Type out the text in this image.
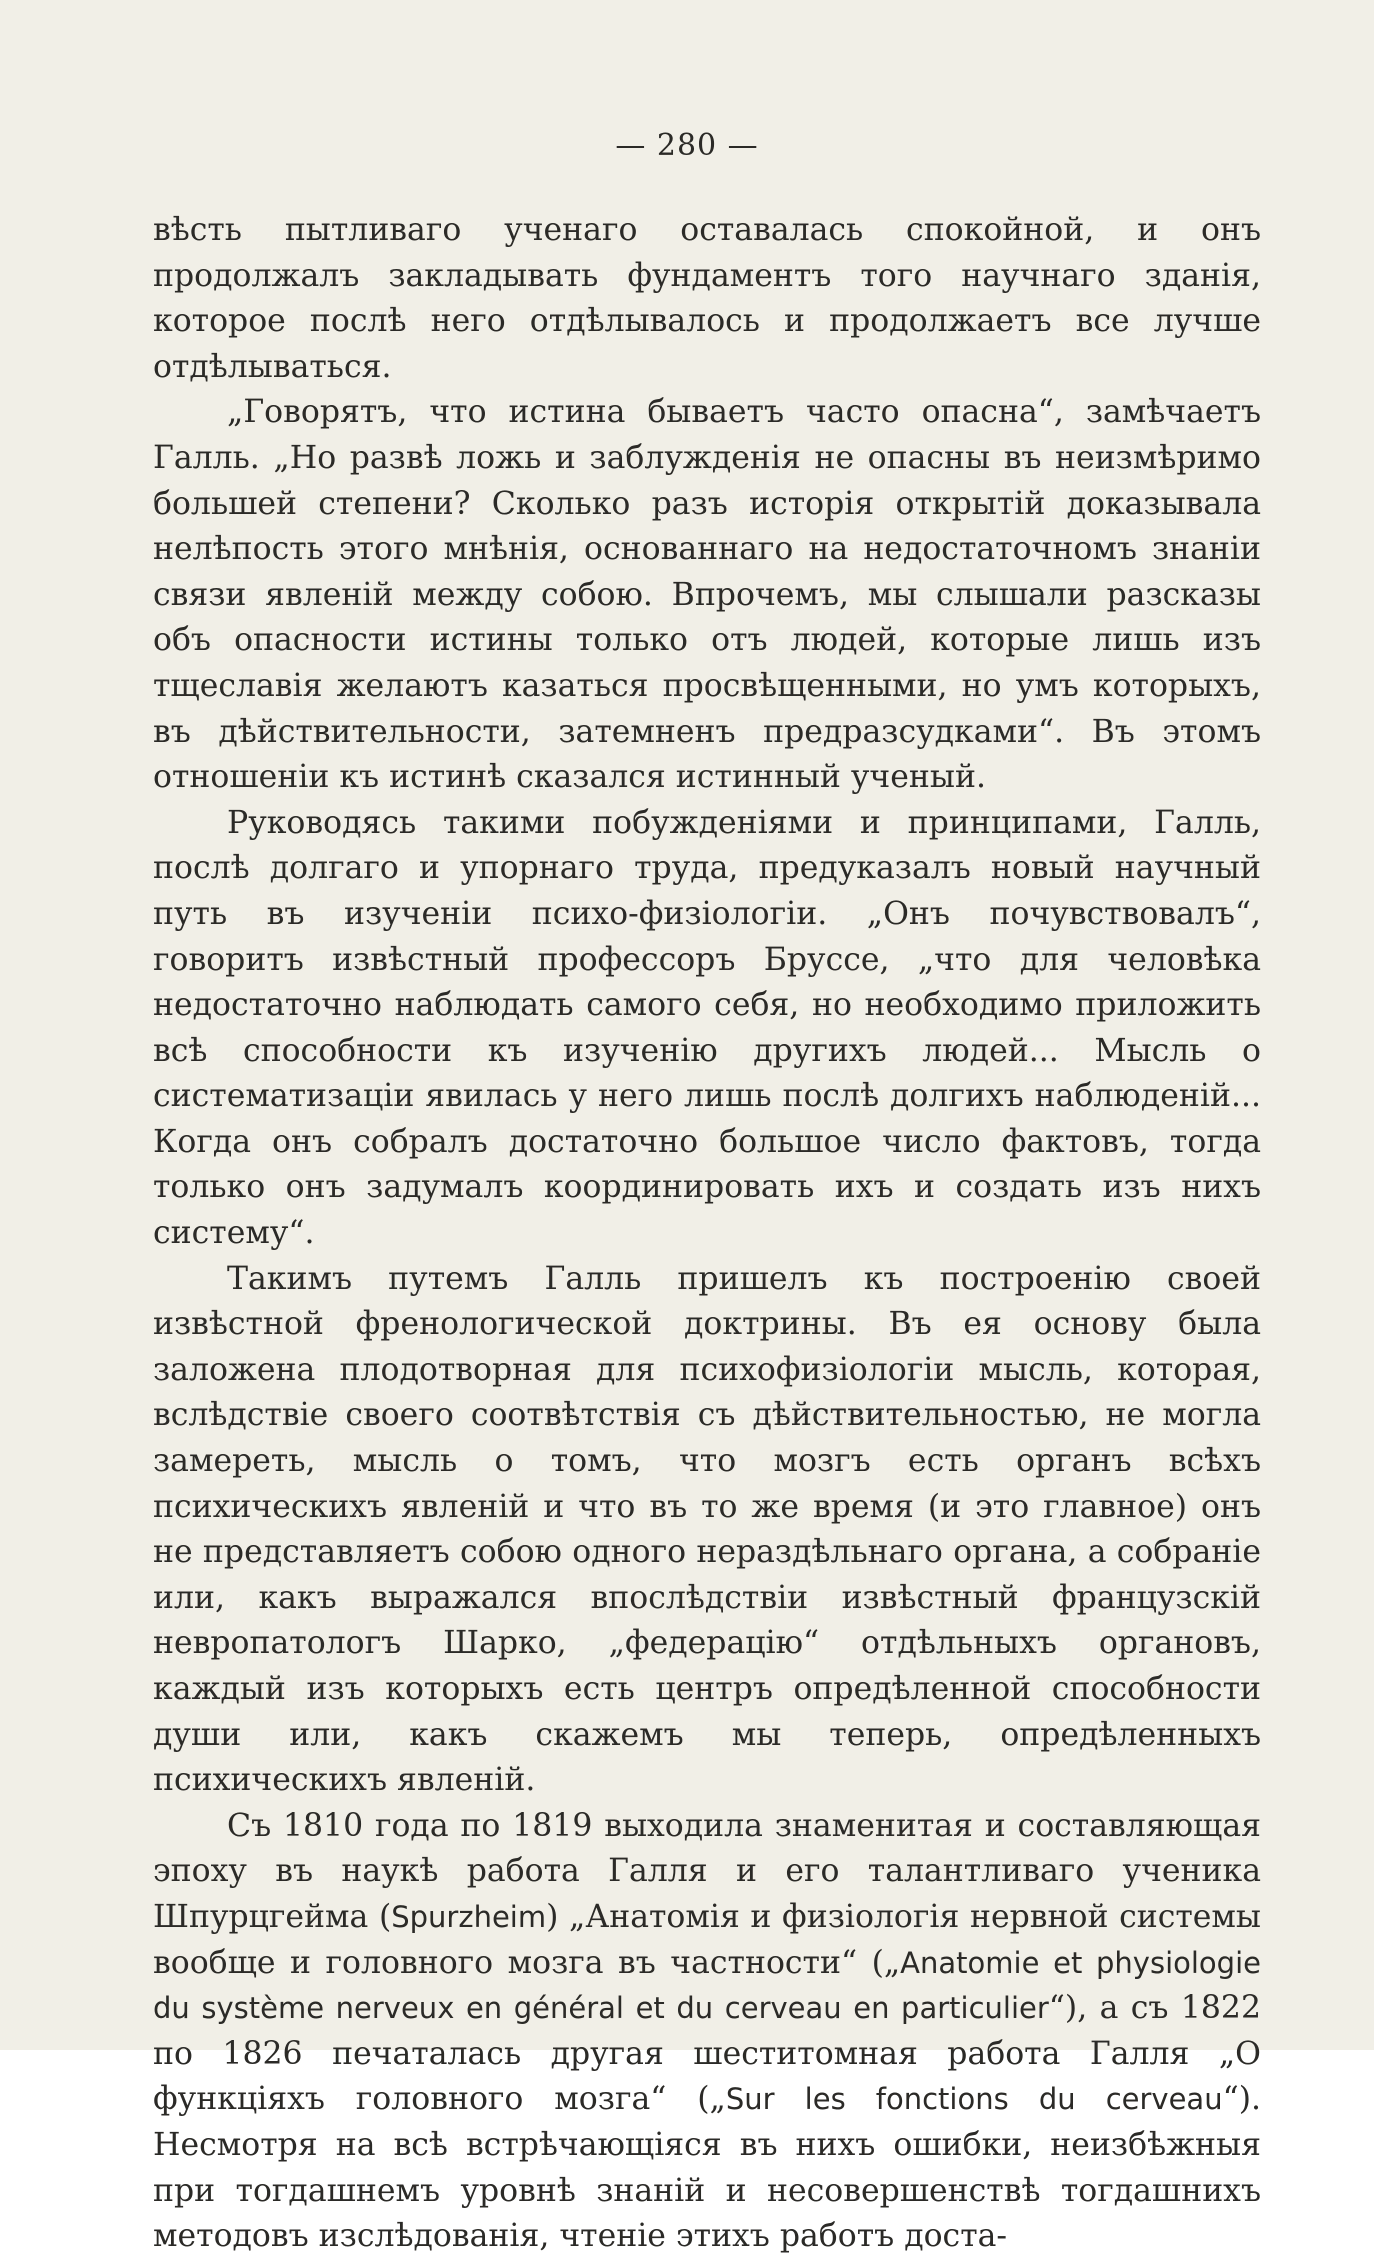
— 280 —

вѣсть пытливаго ученаго оставалась спокойной, и онъ продолжалъ закладывать фундаментъ того научнаго зданія, которое послѣ него отдѣлывалось и продолжаетъ все лучше отдѣлываться.

„Говорятъ, что истина бываетъ часто опасна“, замѣчаетъ Галль. „Но развѣ ложь и заблужденія не опасны въ неизмѣримо большей степени? Сколько разъ исторія открытій доказывала нелѣпость этого мнѣнія, основаннаго на недостаточномъ знаніи связи явленій между собою. Впрочемъ, мы слышали разсказы объ опасности истины только отъ людей, которые лишь изъ тщеславія желаютъ казаться просвѣщенными, но умъ которыхъ, въ дѣйствительности, затемненъ предразсудками“. Въ этомъ отношеніи къ истинѣ сказался истинный ученый.

Руководясь такими побужденіями и принципами, Галль, послѣ долгаго и упорнаго труда, предуказалъ новый научный путь въ изученіи психо-физіологіи. „Онъ почувствовалъ“, говоритъ извѣстный профессоръ Бруссе, „что для человѣка недостаточно наблюдать самого себя, но необходимо приложить всѣ способности къ изученію другихъ людей... Мысль о систематизаціи явилась у него лишь послѣ долгихъ наблюденій... Когда онъ собралъ достаточно большое число фактовъ, тогда только онъ задумалъ координировать ихъ и создать изъ нихъ систему“.

Такимъ путемъ Галль пришелъ къ построенію своей извѣстной френологической доктрины. Въ ея основу была заложена плодотворная для психофизіологіи мысль, которая, вслѣдствіе своего соотвѣтствія съ дѣйствительностью, не могла замереть, мысль о томъ, что мозгъ есть органъ всѣхъ психическихъ явленій и что въ то же время (и это главное) онъ не представляетъ собою одного нераздѣльнаго органа, а собраніе или, какъ выражался впослѣдствіи извѣстный французскій невропатологъ Шарко, „федерацію“ отдѣльныхъ органовъ, каждый изъ которыхъ есть центръ опредѣленной способности души или, какъ скажемъ мы теперь, опредѣленныхъ психическихъ явленій.

Съ 1810 года по 1819 выходила знаменитая и составляющая эпоху въ наукѣ работа Галля и его талантливаго ученика Шпурцгейма (Spurzheim) „Анатомія и физіологія нервной системы вообще и головного мозга въ частности“ („Anatomie et physiologie du système nerveux en général et du cerveau en particulier“), а съ 1822 по 1826 печаталась другая шеститомная работа Галля „О функціяхъ головного мозга“ („Sur les fonctions du cerveau“). Несмотря на всѣ встрѣчающіяся въ нихъ ошибки, неизбѣжныя при тогдашнемъ уровнѣ знаній и несовершенствѣ тогдашнихъ методовъ изслѣдованія, чтеніе этихъ работъ доста-
